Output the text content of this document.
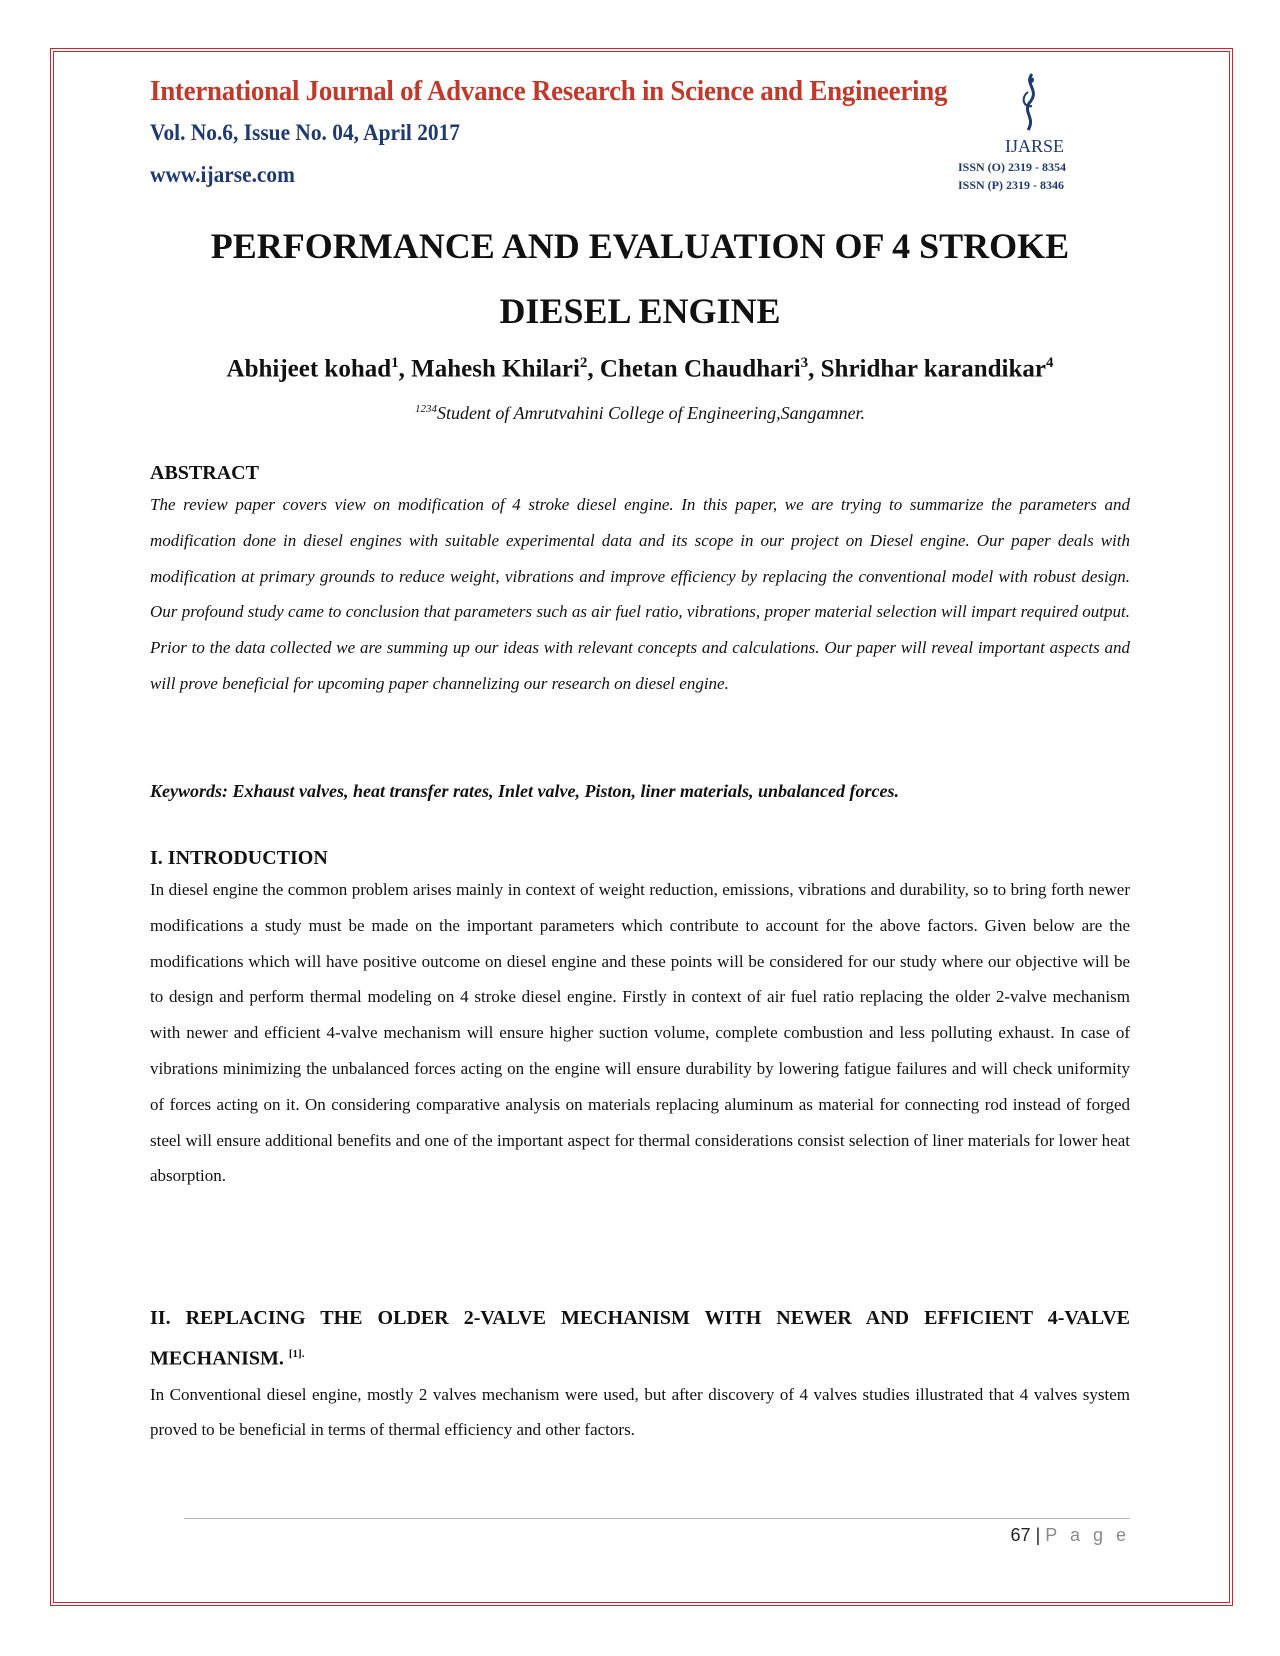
International Journal of Advance Research in Science and Engineering
Vol. No.6, Issue No. 04, April 2017
www.ijarse.com
IJARSE
ISSN (O) 2319 - 8354
ISSN (P) 2319 - 8346
PERFORMANCE AND EVALUATION OF 4 STROKE
DIESEL ENGINE
Abhijeet kohad$^1$, Mahesh Khilari$^2$, Chetan Chaudhari$^3$, Shridhar karandikar$^4$
$^{1234}$Student of Amrutvahini College of Engineering,Sangamner.
ABSTRACT
The review paper covers view on modification of 4 stroke diesel engine. In this paper, we are trying to summarize the parameters and modification done in diesel engines with suitable experimental data and its scope in our project on Diesel engine. Our paper deals with modification at primary grounds to reduce weight, vibrations and improve efficiency by replacing the conventional model with robust design. Our profound study came to conclusion that parameters such as air fuel ratio, vibrations, proper material selection will impart required output. Prior to the data collected we are summing up our ideas with relevant concepts and calculations. Our paper will reveal important aspects and will prove beneficial for upcoming paper channelizing our research on diesel engine.
Keywords: Exhaust valves, heat transfer rates, Inlet valve, Piston, liner materials, unbalanced forces.
I. INTRODUCTION
In diesel engine the common problem arises mainly in context of weight reduction, emissions, vibrations and durability, so to bring forth newer modifications a study must be made on the important parameters which contribute to account for the above factors. Given below are the modifications which will have positive outcome on diesel engine and these points will be considered for our study where our objective will be to design and perform thermal modeling on 4 stroke diesel engine. Firstly in context of air fuel ratio replacing the older 2-valve mechanism with newer and efficient 4-valve mechanism will ensure higher suction volume, complete combustion and less polluting exhaust. In case of vibrations minimizing the unbalanced forces acting on the engine will ensure durability by lowering fatigue failures and will check uniformity of forces acting on it. On considering comparative analysis on materials replacing aluminum as material for connecting rod instead of forged steel will ensure additional benefits and one of the important aspect for thermal considerations consist selection of liner materials for lower heat absorption.
II. REPLACING THE OLDER 2-VALVE MECHANISM WITH NEWER AND EFFICIENT 4-VALVE MECHANISM. $^{[1].}$
In Conventional diesel engine, mostly 2 valves mechanism were used, but after discovery of 4 valves studies illustrated that 4 valves system proved to be beneficial in terms of thermal efficiency and other factors.
67 | P a g e
